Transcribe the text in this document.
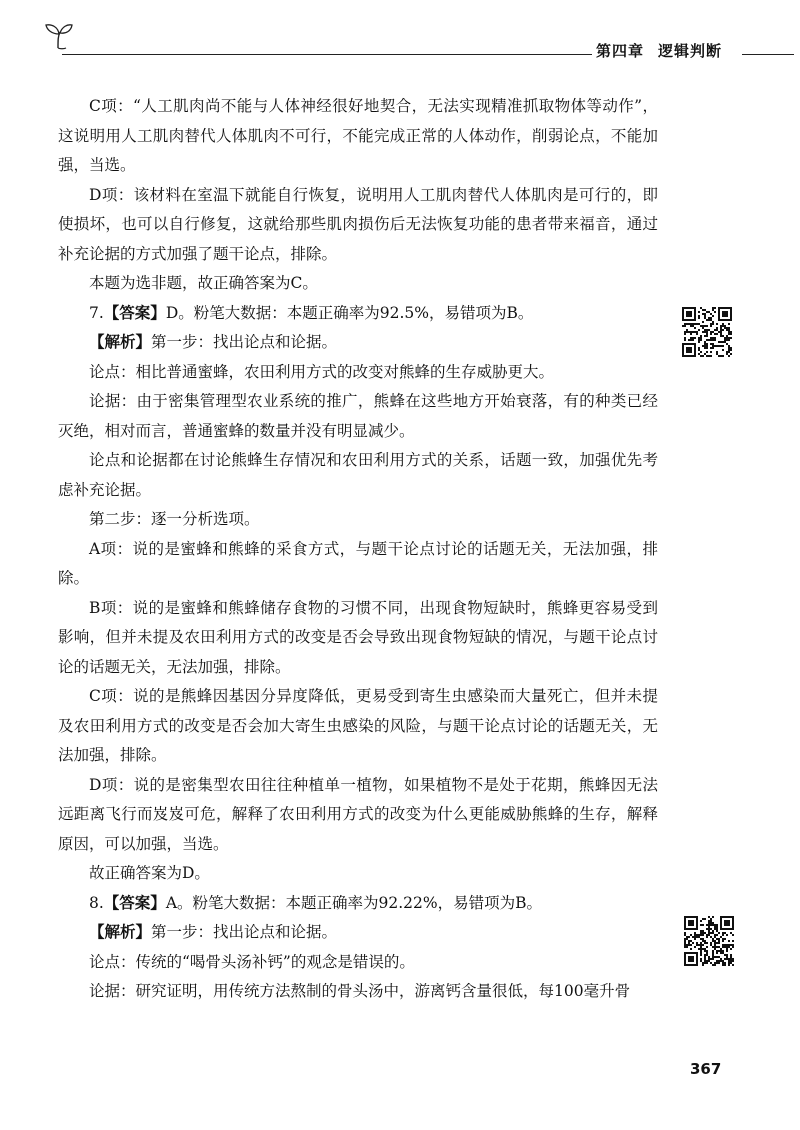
第四章 逻辑判断

C项：“人工肌肉尚不能与人体神经很好地契合，无法实现精准抓取物体等动作”，这说明用人工肌肉替代人体肌肉不可行，不能完成正常的人体动作，削弱论点，不能加强，当选。

D项：该材料在室温下就能自行恢复，说明用人工肌肉替代人体肌肉是可行的，即使损坏，也可以自行修复，这就给那些肌肉损伤后无法恢复功能的患者带来福音，通过补充论据的方式加强了题干论点，排除。

本题为选非题，故正确答案为C。

7.【答案】D。粉笔大数据：本题正确率为92.5%，易错项为B。

【解析】第一步：找出论点和论据。

论点：相比普通蜜蜂，农田利用方式的改变对熊蜂的生存威胁更大。

论据：由于密集管理型农业系统的推广，熊蜂在这些地方开始衰落，有的种类已经灭绝，相对而言，普通蜜蜂的数量并没有明显减少。

论点和论据都在讨论熊蜂生存情况和农田利用方式的关系，话题一致，加强优先考虑补充论据。

第二步：逐一分析选项。

A项：说的是蜜蜂和熊蜂的采食方式，与题干论点讨论的话题无关，无法加强，排除。

B项：说的是蜜蜂和熊蜂储存食物的习惯不同，出现食物短缺时，熊蜂更容易受到影响，但并未提及农田利用方式的改变是否会导致出现食物短缺的情况，与题干论点讨论的话题无关，无法加强，排除。

C项：说的是熊蜂因基因分异度降低，更易受到寄生虫感染而大量死亡，但并未提及农田利用方式的改变是否会加大寄生虫感染的风险，与题干论点讨论的话题无关，无法加强，排除。

D项：说的是密集型农田往往种植单一植物，如果植物不是处于花期，熊蜂因无法远距离飞行而岌岌可危，解释了农田利用方式的改变为什么更能威胁熊蜂的生存，解释原因，可以加强，当选。

故正确答案为D。

8.【答案】A。粉笔大数据：本题正确率为92.22%，易错项为B。

【解析】第一步：找出论点和论据。

论点：传统的“喝骨头汤补钙”的观念是错误的。

论据：研究证明，用传统方法熬制的骨头汤中，游离钙含量很低，每100毫升骨

367
